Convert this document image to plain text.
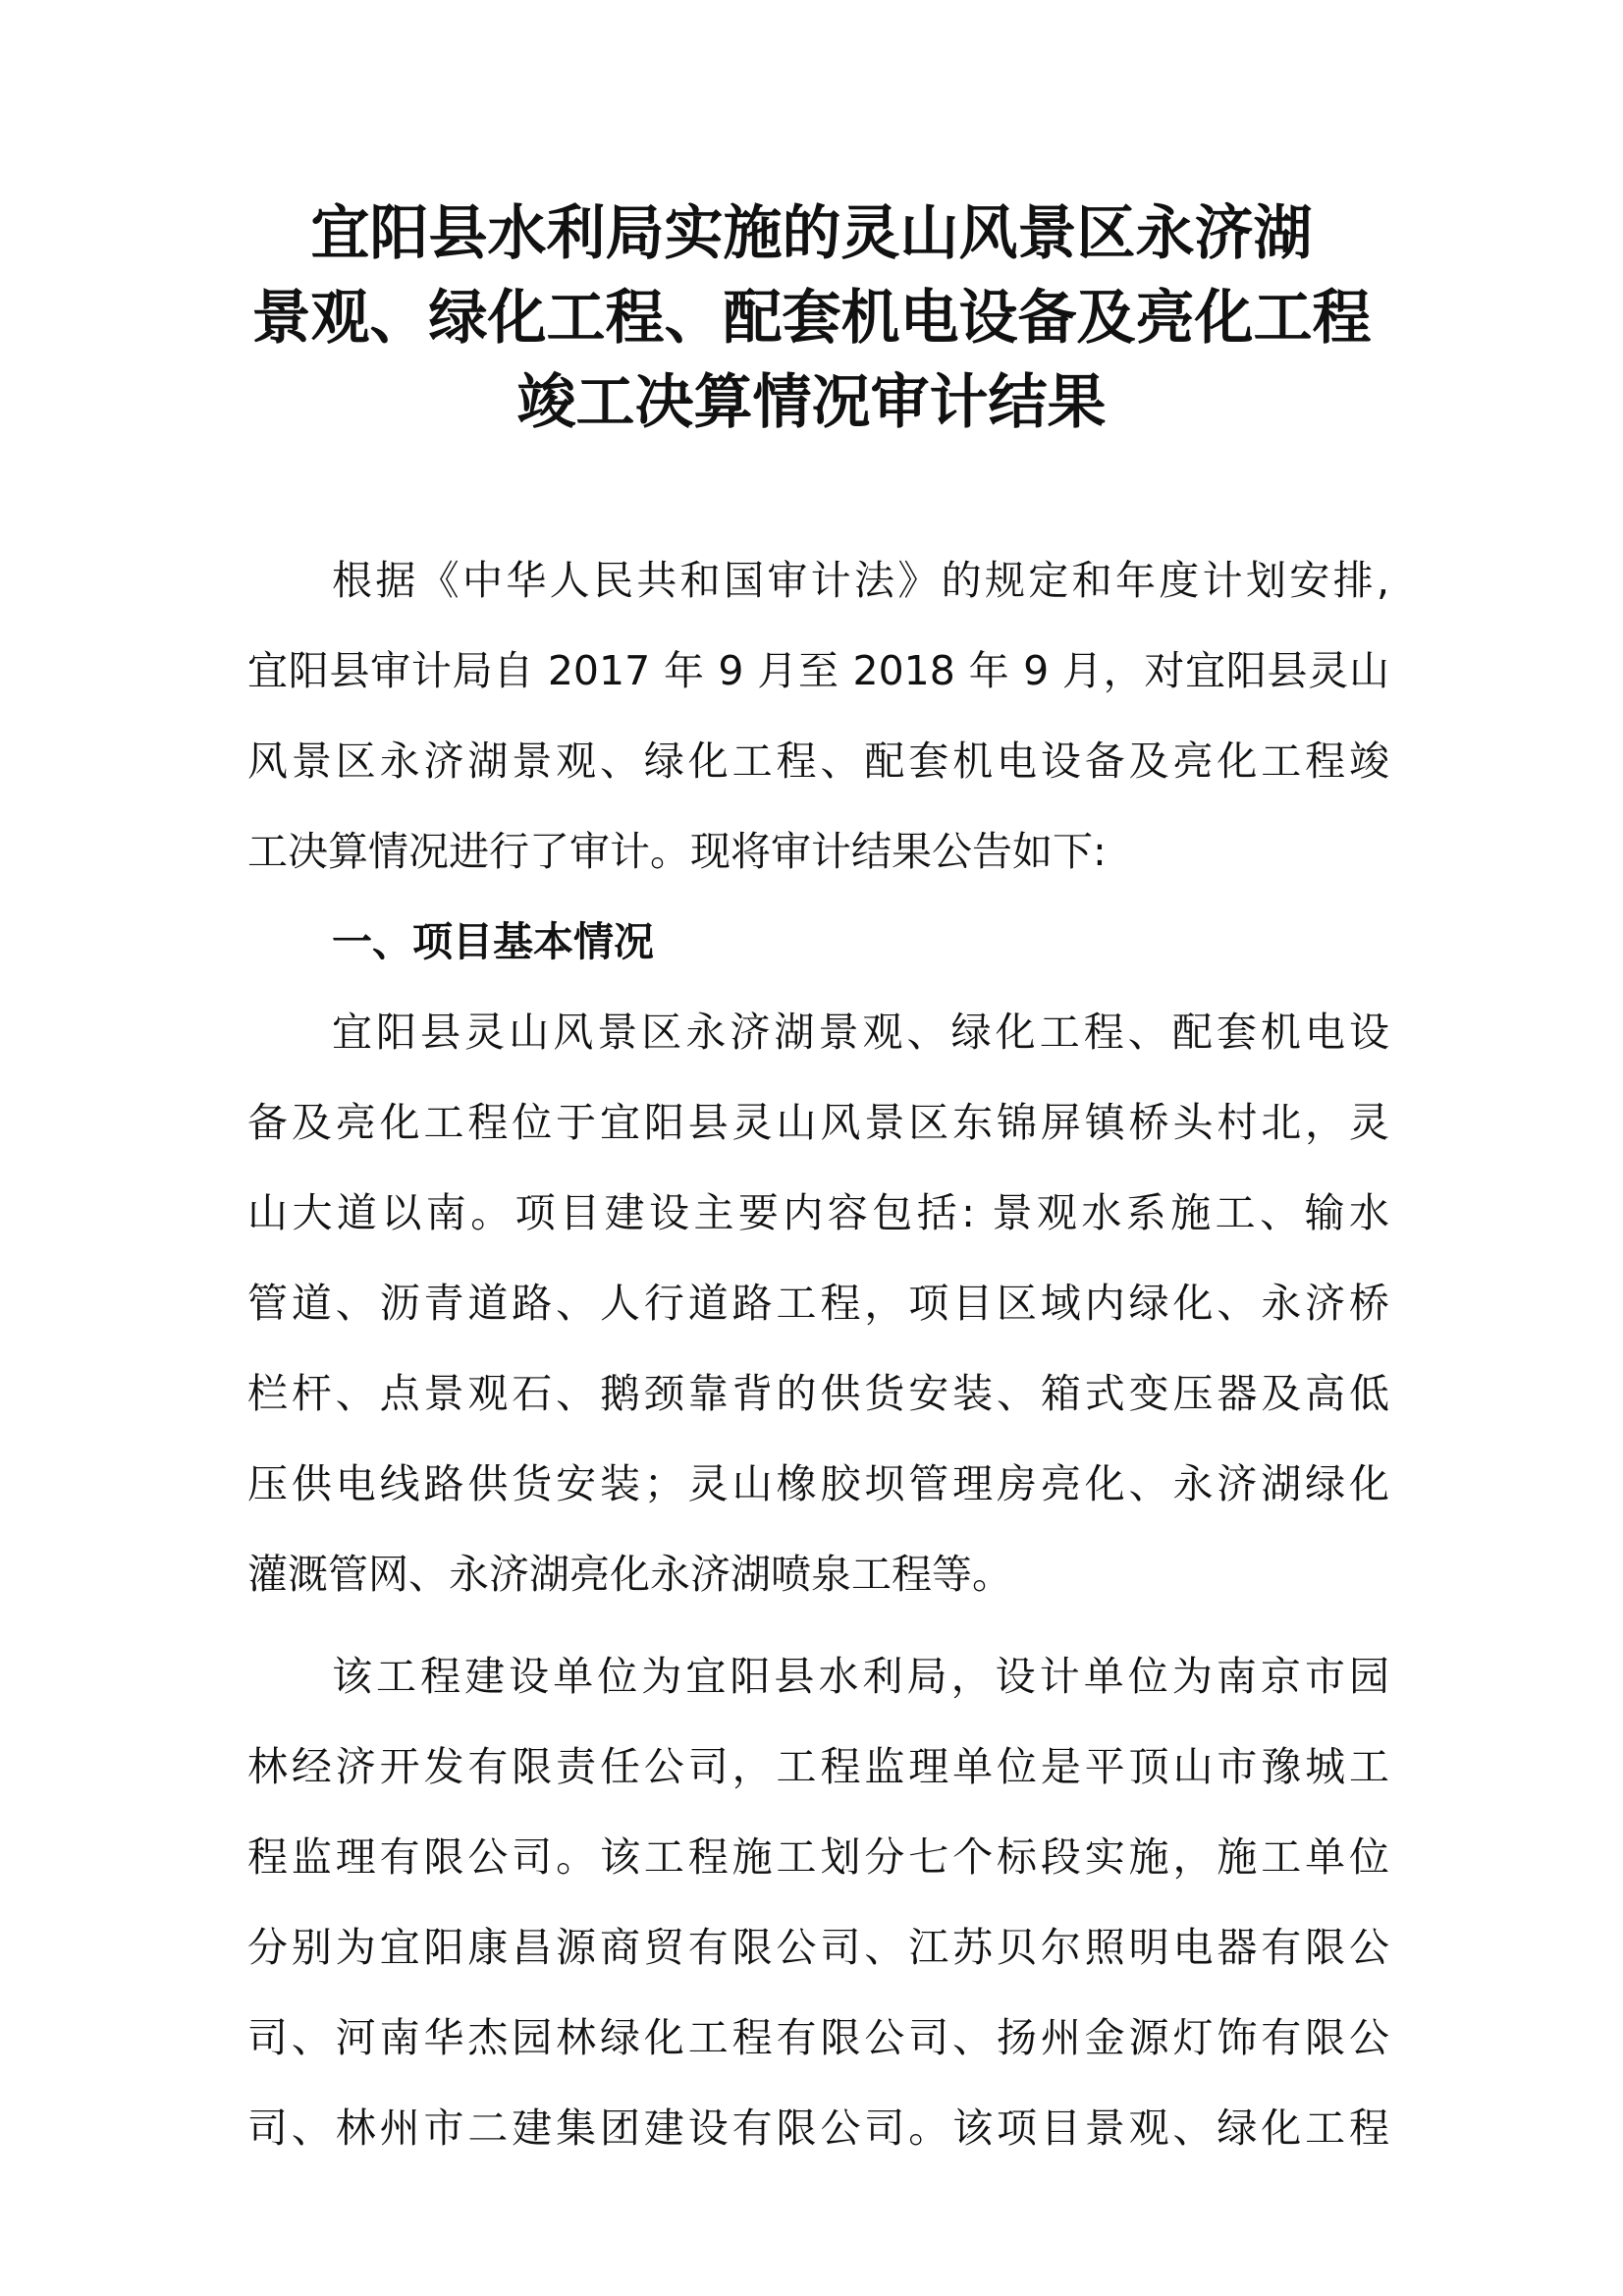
宜阳县水利局实施的灵山风景区永济湖
景观、绿化工程、配套机电设备及亮化工程
竣工决算情况审计结果
根据《中华人民共和国审计法》的规定和年度计划安排,
宜阳县审计局自 2017 年 9 月至 2018 年 9 月，对宜阳县灵山
风景区永济湖景观、绿化工程、配套机电设备及亮化工程竣
工决算情况进行了审计。现将审计结果公告如下:
一、项目基本情况
宜阳县灵山风景区永济湖景观、绿化工程、配套机电设
备及亮化工程位于宜阳县灵山风景区东锦屏镇桥头村北，灵
山大道以南。项目建设主要内容包括: 景观水系施工、输水
管道、沥青道路、人行道路工程，项目区域内绿化、永济桥
栏杆、点景观石、鹅颈靠背的供货安装、箱式变压器及高低
压供电线路供货安装；灵山橡胶坝管理房亮化、永济湖绿化
灌溉管网、永济湖亮化永济湖喷泉工程等。
该工程建设单位为宜阳县水利局，设计单位为南京市园
林经济开发有限责任公司，工程监理单位是平顶山市豫城工
程监理有限公司。该工程施工划分七个标段实施，施工单位
分别为宜阳康昌源商贸有限公司、江苏贝尔照明电器有限公
司、河南华杰园林绿化工程有限公司、扬州金源灯饰有限公
司、林州市二建集团建设有限公司。该项目景观、绿化工程
